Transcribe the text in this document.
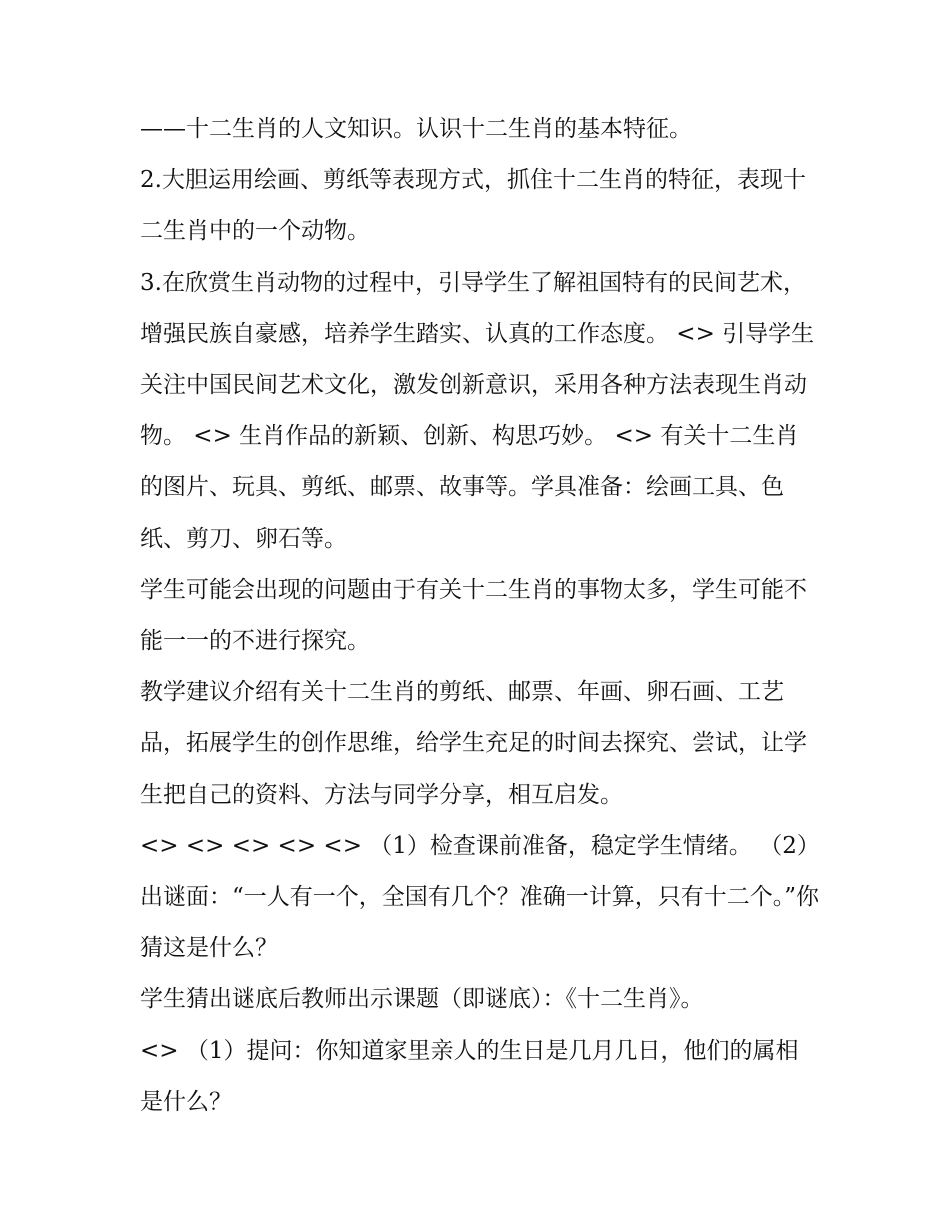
——十二生肖的人文知识。认识十二生肖的基本特征。

2.大胆运用绘画、剪纸等表现方式，抓住十二生肖的特征，表现十二生肖中的一个动物。

3.在欣赏生肖动物的过程中，引导学生了解祖国特有的民间艺术，增强民族自豪感，培养学生踏实、认真的工作态度。 <> 引导学生关注中国民间艺术文化，激发创新意识，采用各种方法表现生肖动物。 <> 生肖作品的新颖、创新、构思巧妙。 <> 有关十二生肖的图片、玩具、剪纸、邮票、故事等。学具准备：绘画工具、色纸、剪刀、卵石等。

学生可能会出现的问题由于有关十二生肖的事物太多，学生可能不能一一的不进行探究。

教学建议介绍有关十二生肖的剪纸、邮票、年画、卵石画、工艺品，拓展学生的创作思维，给学生充足的时间去探究、尝试，让学生把自己的资料、方法与同学分享，相互启发。

<> <> <> <> <> （1）检查课前准备，稳定学生情绪。 （2）出谜面：“一人有一个，全国有几个？准确一计算，只有十二个。”你猜这是什么？

学生猜出谜底后教师出示课题（即谜底）：《十二生肖》。

<> （1）提问：你知道家里亲人的生日是几月几日，他们的属相是什么？
